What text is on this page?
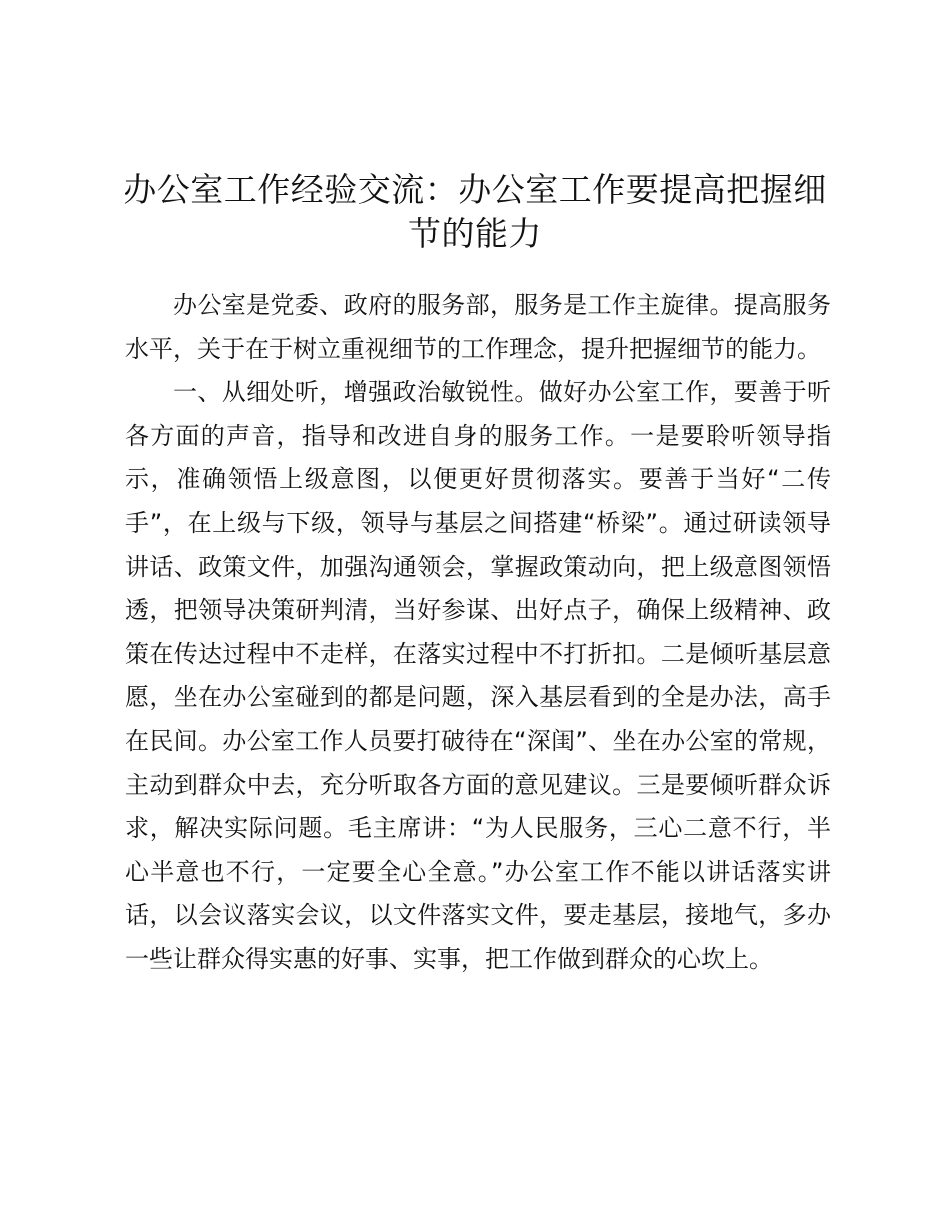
办公室工作经验交流：办公室工作要提高把握细节的能力

办公室是党委、政府的服务部，服务是工作主旋律。提高服务水平，关于在于树立重视细节的工作理念，提升把握细节的能力。

一、从细处听，增强政治敏锐性。做好办公室工作，要善于听各方面的声音，指导和改进自身的服务工作。一是要聆听领导指示，准确领悟上级意图，以便更好贯彻落实。要善于当好“二传手”，在上级与下级，领导与基层之间搭建“桥梁”。通过研读领导讲话、政策文件，加强沟通领会，掌握政策动向，把上级意图领悟透，把领导决策研判清，当好参谋、出好点子，确保上级精神、政策在传达过程中不走样，在落实过程中不打折扣。二是倾听基层意愿，坐在办公室碰到的都是问题，深入基层看到的全是办法，高手在民间。办公室工作人员要打破待在“深闺”、坐在办公室的常规，主动到群众中去，充分听取各方面的意见建议。三是要倾听群众诉求，解决实际问题。毛主席讲：“为人民服务，三心二意不行，半心半意也不行，一定要全心全意。”办公室工作不能以讲话落实讲话，以会议落实会议，以文件落实文件，要走基层，接地气，多办一些让群众得实惠的好事、实事，把工作做到群众的心坎上。
